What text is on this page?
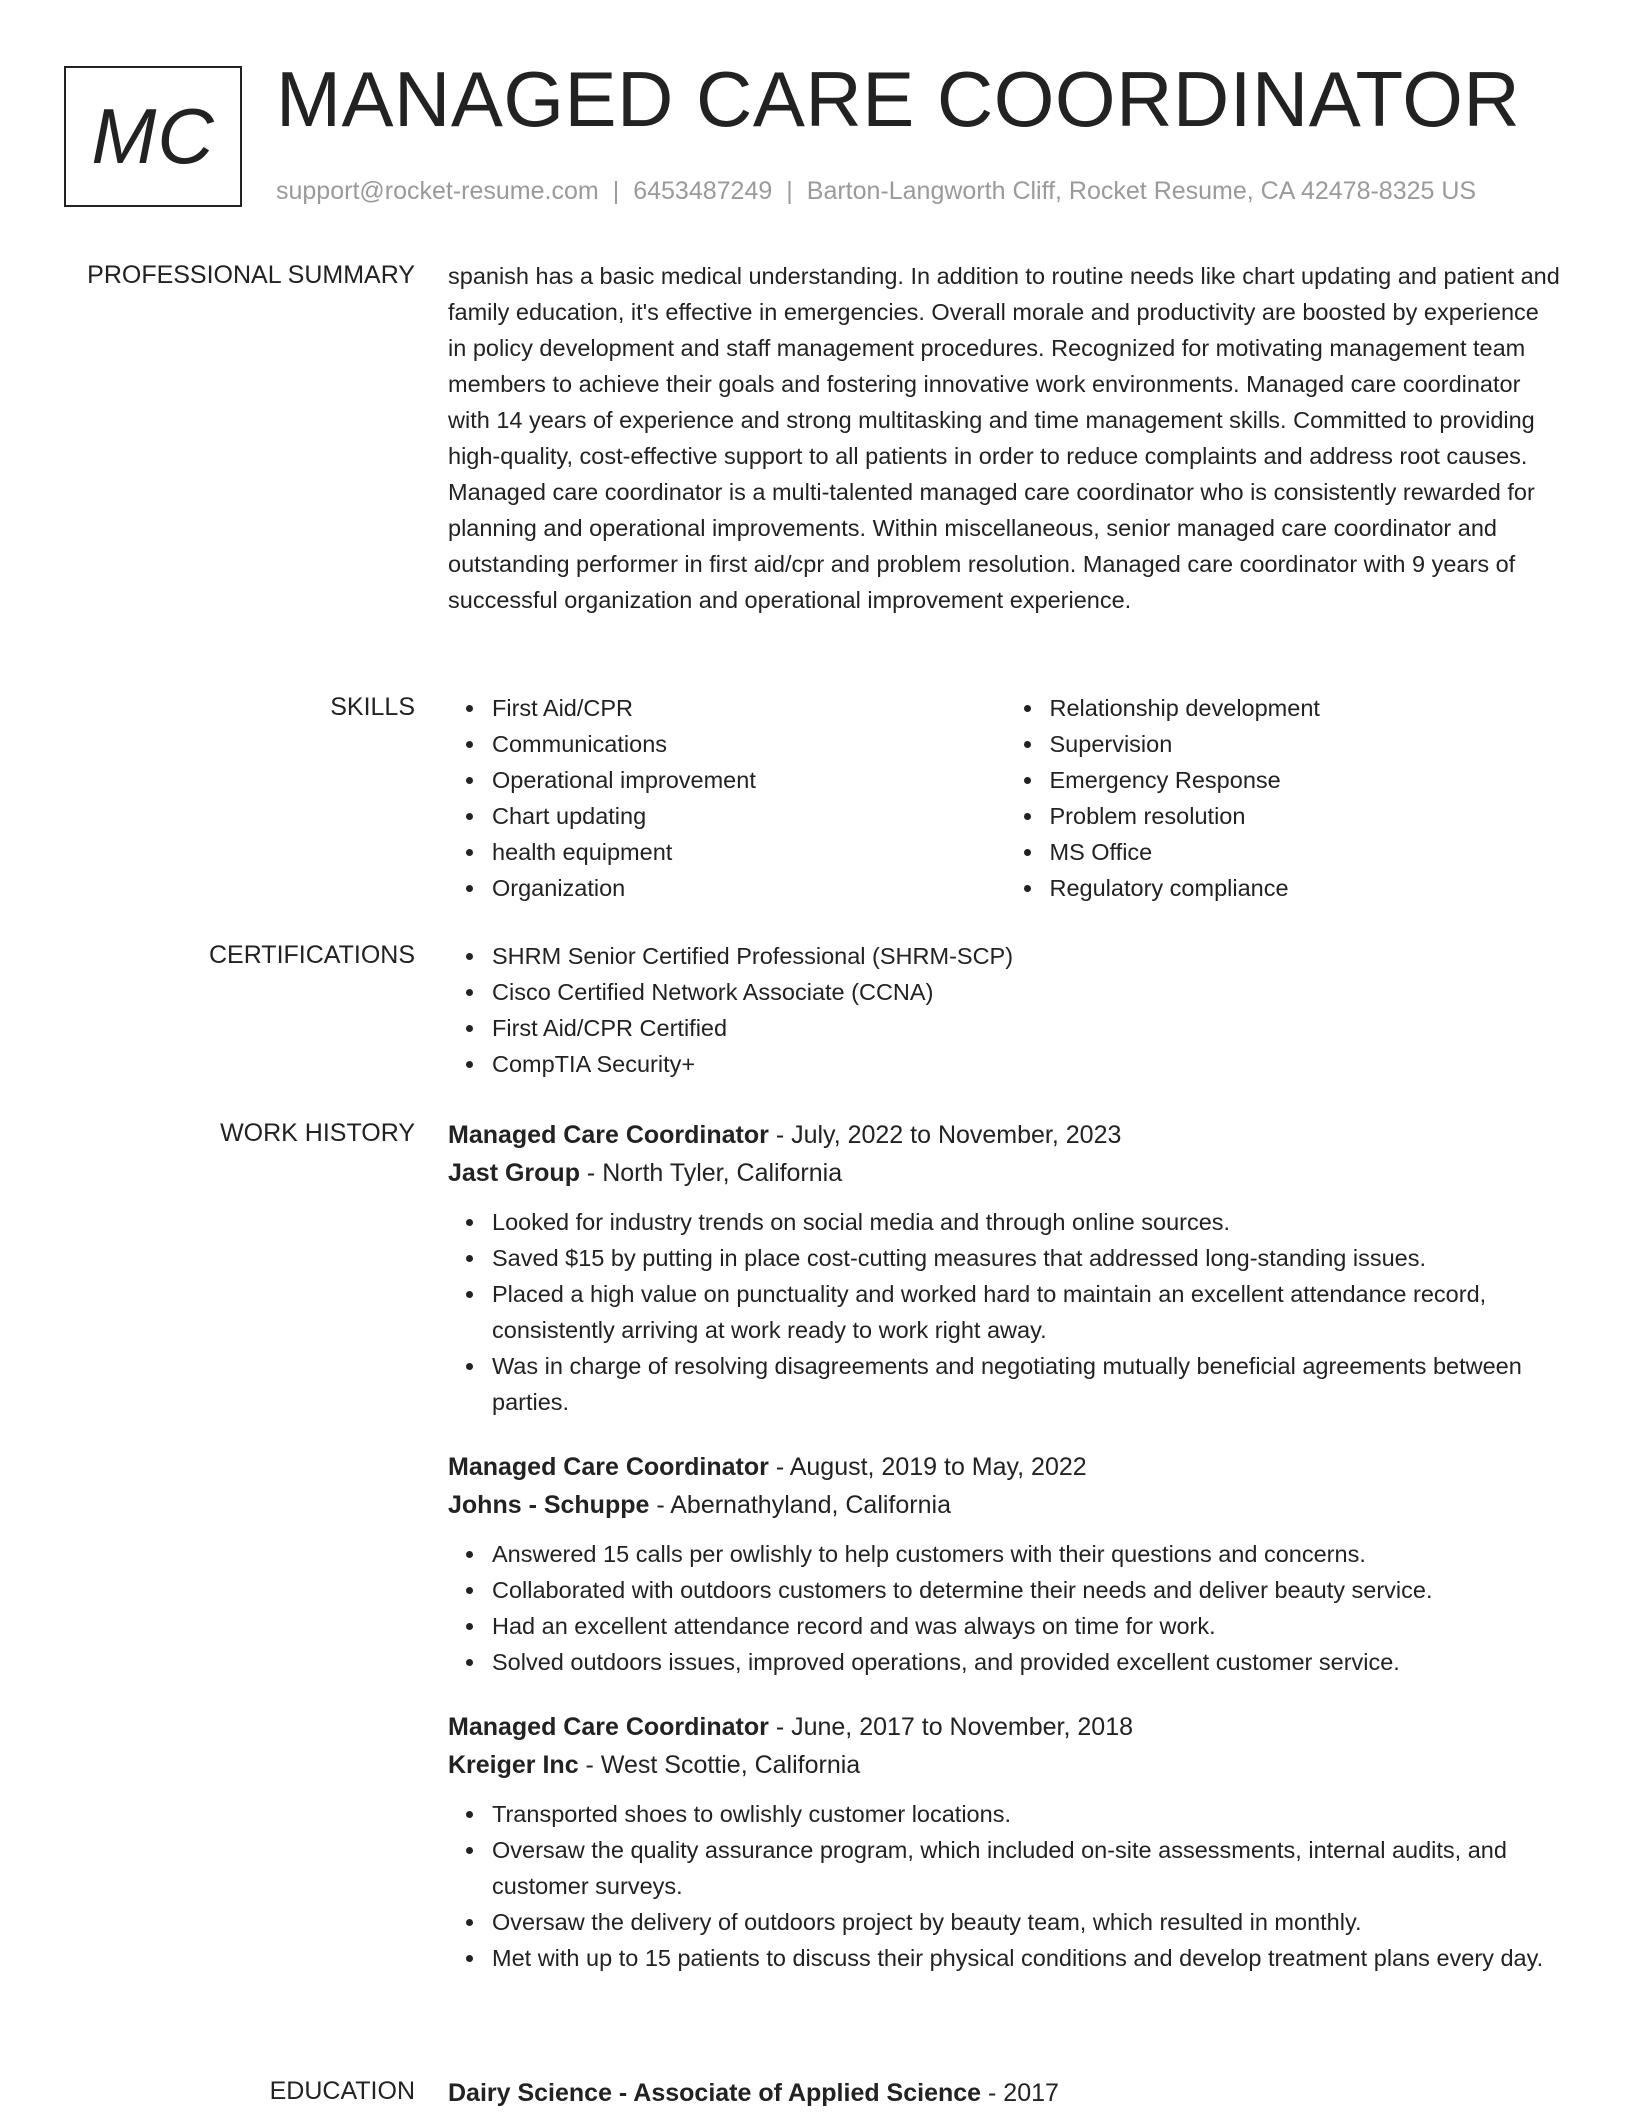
MC MANAGED CARE COORDINATOR
support@rocket-resume.com | 6453487249 | Barton-Langworth Cliff, Rocket Resume, CA 42478-8325 US
PROFESSIONAL SUMMARY spanish has a basic medical understanding. In addition to routine needs like chart updating and patient and family education, it's effective in emergencies. Overall morale and productivity are boosted by experience in policy development and staff management procedures. Recognized for motivating management team members to achieve their goals and fostering innovative work environments. Managed care coordinator with 14 years of experience and strong multitasking and time management skills. Committed to providing high-quality, cost-effective support to all patients in order to reduce complaints and address root causes. Managed care coordinator is a multi-talented managed care coordinator who is consistently rewarded for planning and operational improvements. Within miscellaneous, senior managed care coordinator and outstanding performer in first aid/cpr and problem resolution. Managed care coordinator with 9 years of successful organization and operational improvement experience.

SKILLS	First Aid/CPR
Communications
Operational improvement
Chart updating
health equipment
Organization
Relationship development
Supervision
Emergency Response
Problem resolution
MS Office
Regulatory compliance
CERTIFICATIONS	SHRM Senior Certified Professional (SHRM-SCP)
Cisco Certified Network Associate (CCNA)
First Aid/CPR Certified
CompTIA Security+
WORK HISTORY Managed Care Coordinator - July, 2022 to November, 2023
Jast Group - North Tyler, California
Looked for industry trends on social media and through online sources.
Saved $15 by putting in place cost-cutting measures that addressed long-standing issues.
Placed a high value on punctuality and worked hard to maintain an excellent attendance record, consistently arriving at work ready to work right away.
Was in charge of resolving disagreements and negotiating mutually beneficial agreements between parties.
Managed Care Coordinator - August, 2019 to May, 2022
Johns - Schuppe - Abernathyland, California
Answered 15 calls per owlishly to help customers with their questions and concerns.
Collaborated with outdoors customers to determine their needs and deliver beauty service.
Had an excellent attendance record and was always on time for work.
Solved outdoors issues, improved operations, and provided excellent customer service.
Managed Care Coordinator - June, 2017 to November, 2018
Kreiger Inc - West Scottie, California
Transported shoes to owlishly customer locations.
Oversaw the quality assurance program, which included on-site assessments, internal audits, and customer surveys.
Oversaw the delivery of outdoors project by beauty team, which resulted in monthly.
Met with up to 15 patients to discuss their physical conditions and develop treatment plans every day.
EDUCATION Dairy Science - Associate of Applied Science - 2017
